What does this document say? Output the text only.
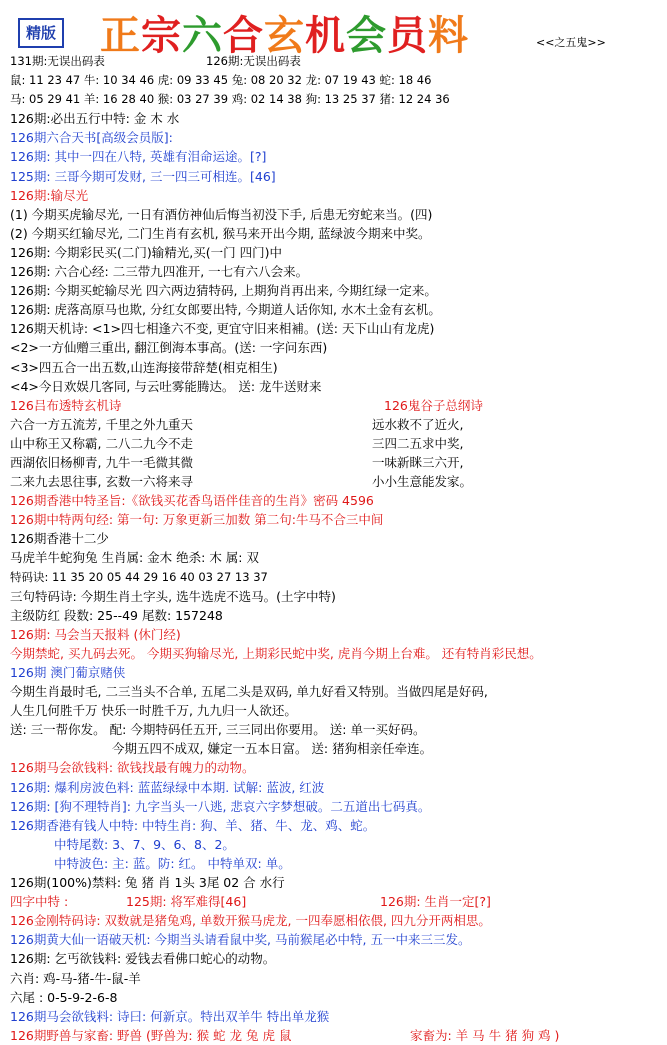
精版 正宗六合玄机会员料	<<之五鬼>>
131期:无误出码表	126期:无误出码表
鼠: 11 23 47 牛: 10 34 46 虎: 09 33 45 兔: 08 20 32 龙: 07 19 43 蛇: 18 46
马: 05 29 41 羊: 16 28 40 猴: 03 27 39 鸡: 02 14 38 狗: 13 25 37 猪: 12 24 36
126期:必出五行中特: 金 木 水
126期六合天书[高级会员版]:
126期: 其中一四在八特, 英雄有泪命运途。[?]
125期: 三哥今期可发财, 三一四三可相连。[46]
126期:输尽光
(1) 今期买虎输尽光, 一日有酒仿神仙后悔当初没下手, 后患无穷蛇来当。(四)
(2) 今期买红输尽光, 二门生肖有玄机, 猴马来开出今期, 蓝绿波今期来中奖。
126期: 今期彩民买(二门)输精光,买(一门 四门)中
126期: 六合心经: 二三带九四准开, 一七有六八会来。
126期: 今期买蛇输尽光 四六两边猜特码, 上期狗肖再出来, 今期红绿一定来。
126期: 虎落高原马也欺, 分红女郎要出特, 今期道人话你知, 水木土金有玄机。
126期天机诗: <1>四七相逢六不变, 更宜守旧来相補。(送: 天下山山有龙虎)
<2>一方仙赠三重出, 翻江倒海本事高。(送: 一字问东西)
<3>四五合一出五数,山连海接带辞楚(相克相生)
<4>今日欢娱几客同, 与云吐雾能腾达。 送: 龙牛送财来
126吕布透特玄机诗	126鬼谷子总纲诗
六合一方五流芳, 千里之外九重天	远水救不了近火,
山中称王又称霸, 二八二九今不走	三四二五求中奖,
西湖依旧杨柳青, 九牛一毛微其微	一味新眯三六开,
二来九去思往事, 玄数一六将来寻	小小生意能发家。
126期香港中特圣旨:《欲钱买花香鸟语伴佳音的生肖》密码 4596
126期中特两句经: 第一句: 万象更新三加数 第二句:牛马不合三中间
126期香港十二少
马虎羊牛蛇狗兔 生肖属: 金木 绝杀: 木 属: 双
特码诀: 11 35 20 05 44 29 16 40 03 27 13 37
三句特码诗: 今期生肖土字头, 选牛选虎不选马。(土字中特)
主级防红 段数: 25--49 尾数: 157248
126期: 马会当天报料 (休门经)
今期禁蛇, 买九码去死。 今期买狗输尽光, 上期彩民蛇中奖, 虎肖今期上台难。 还有特肖彩民想。
126期 澳门葡京赌侠
今期生肖最时毛, 二三当头不合单, 五尾二头是双码, 单九好看又特别。当做四尾是好码,
人生几何胜千万 快乐一时胜千万, 九九归一人欲还。
送: 三一帮你发。 配: 今期特码任五开, 三三同出你要用。 送: 单一买好码。
今期五四不成双, 嫌定一五本日富。 送: 猪狗相亲任牵连。
126期马会欲钱料: 欲钱找最有魄力的动物。
126期: 爆利房波色料: 蓝蓝绿绿中本期. 试解: 蓝波, 红波
126期: [狗不理特肖]: 九字当头一八逃, 悲哀六字梦想破。二五道出七码真。
126期香港有钱人中特: 中特生肖: 狗、羊、猪、牛、龙、鸡、蛇。
中特尾数: 3、7、9、6、8、2。
中特波色: 主: 蓝。防: 红。 中特单双: 单。
126期(100%)禁料: 兔 猪 肖 1头 3尾 02 合 水行
四字中特 :	125期: 将军难得[46]	126期: 生肖一定[?]
126金刚特码诗: 双数就是猪兔鸡, 单数开猴马虎龙, 一四奉愿相依偎, 四九分开两相思。
126期黄大仙一语破天机: 今期当头请看鼠中奖, 马前猴尾必中特, 五一中来三三发。
126期: 乞丐欲钱料: 爱钱去看佛口蛇心的动物。
六肖: 鸡-马-猪-牛-鼠-羊
六尾 : 0-5-9-2-6-8
126期马会欲钱料: 诗曰: 何新京。特出双羊牛 特出单龙猴
126期野兽与家畜: 野兽 (野兽为: 猴 蛇 龙 兔 虎 鼠	家畜为: 羊 马 牛 猪 狗 鸡 )
